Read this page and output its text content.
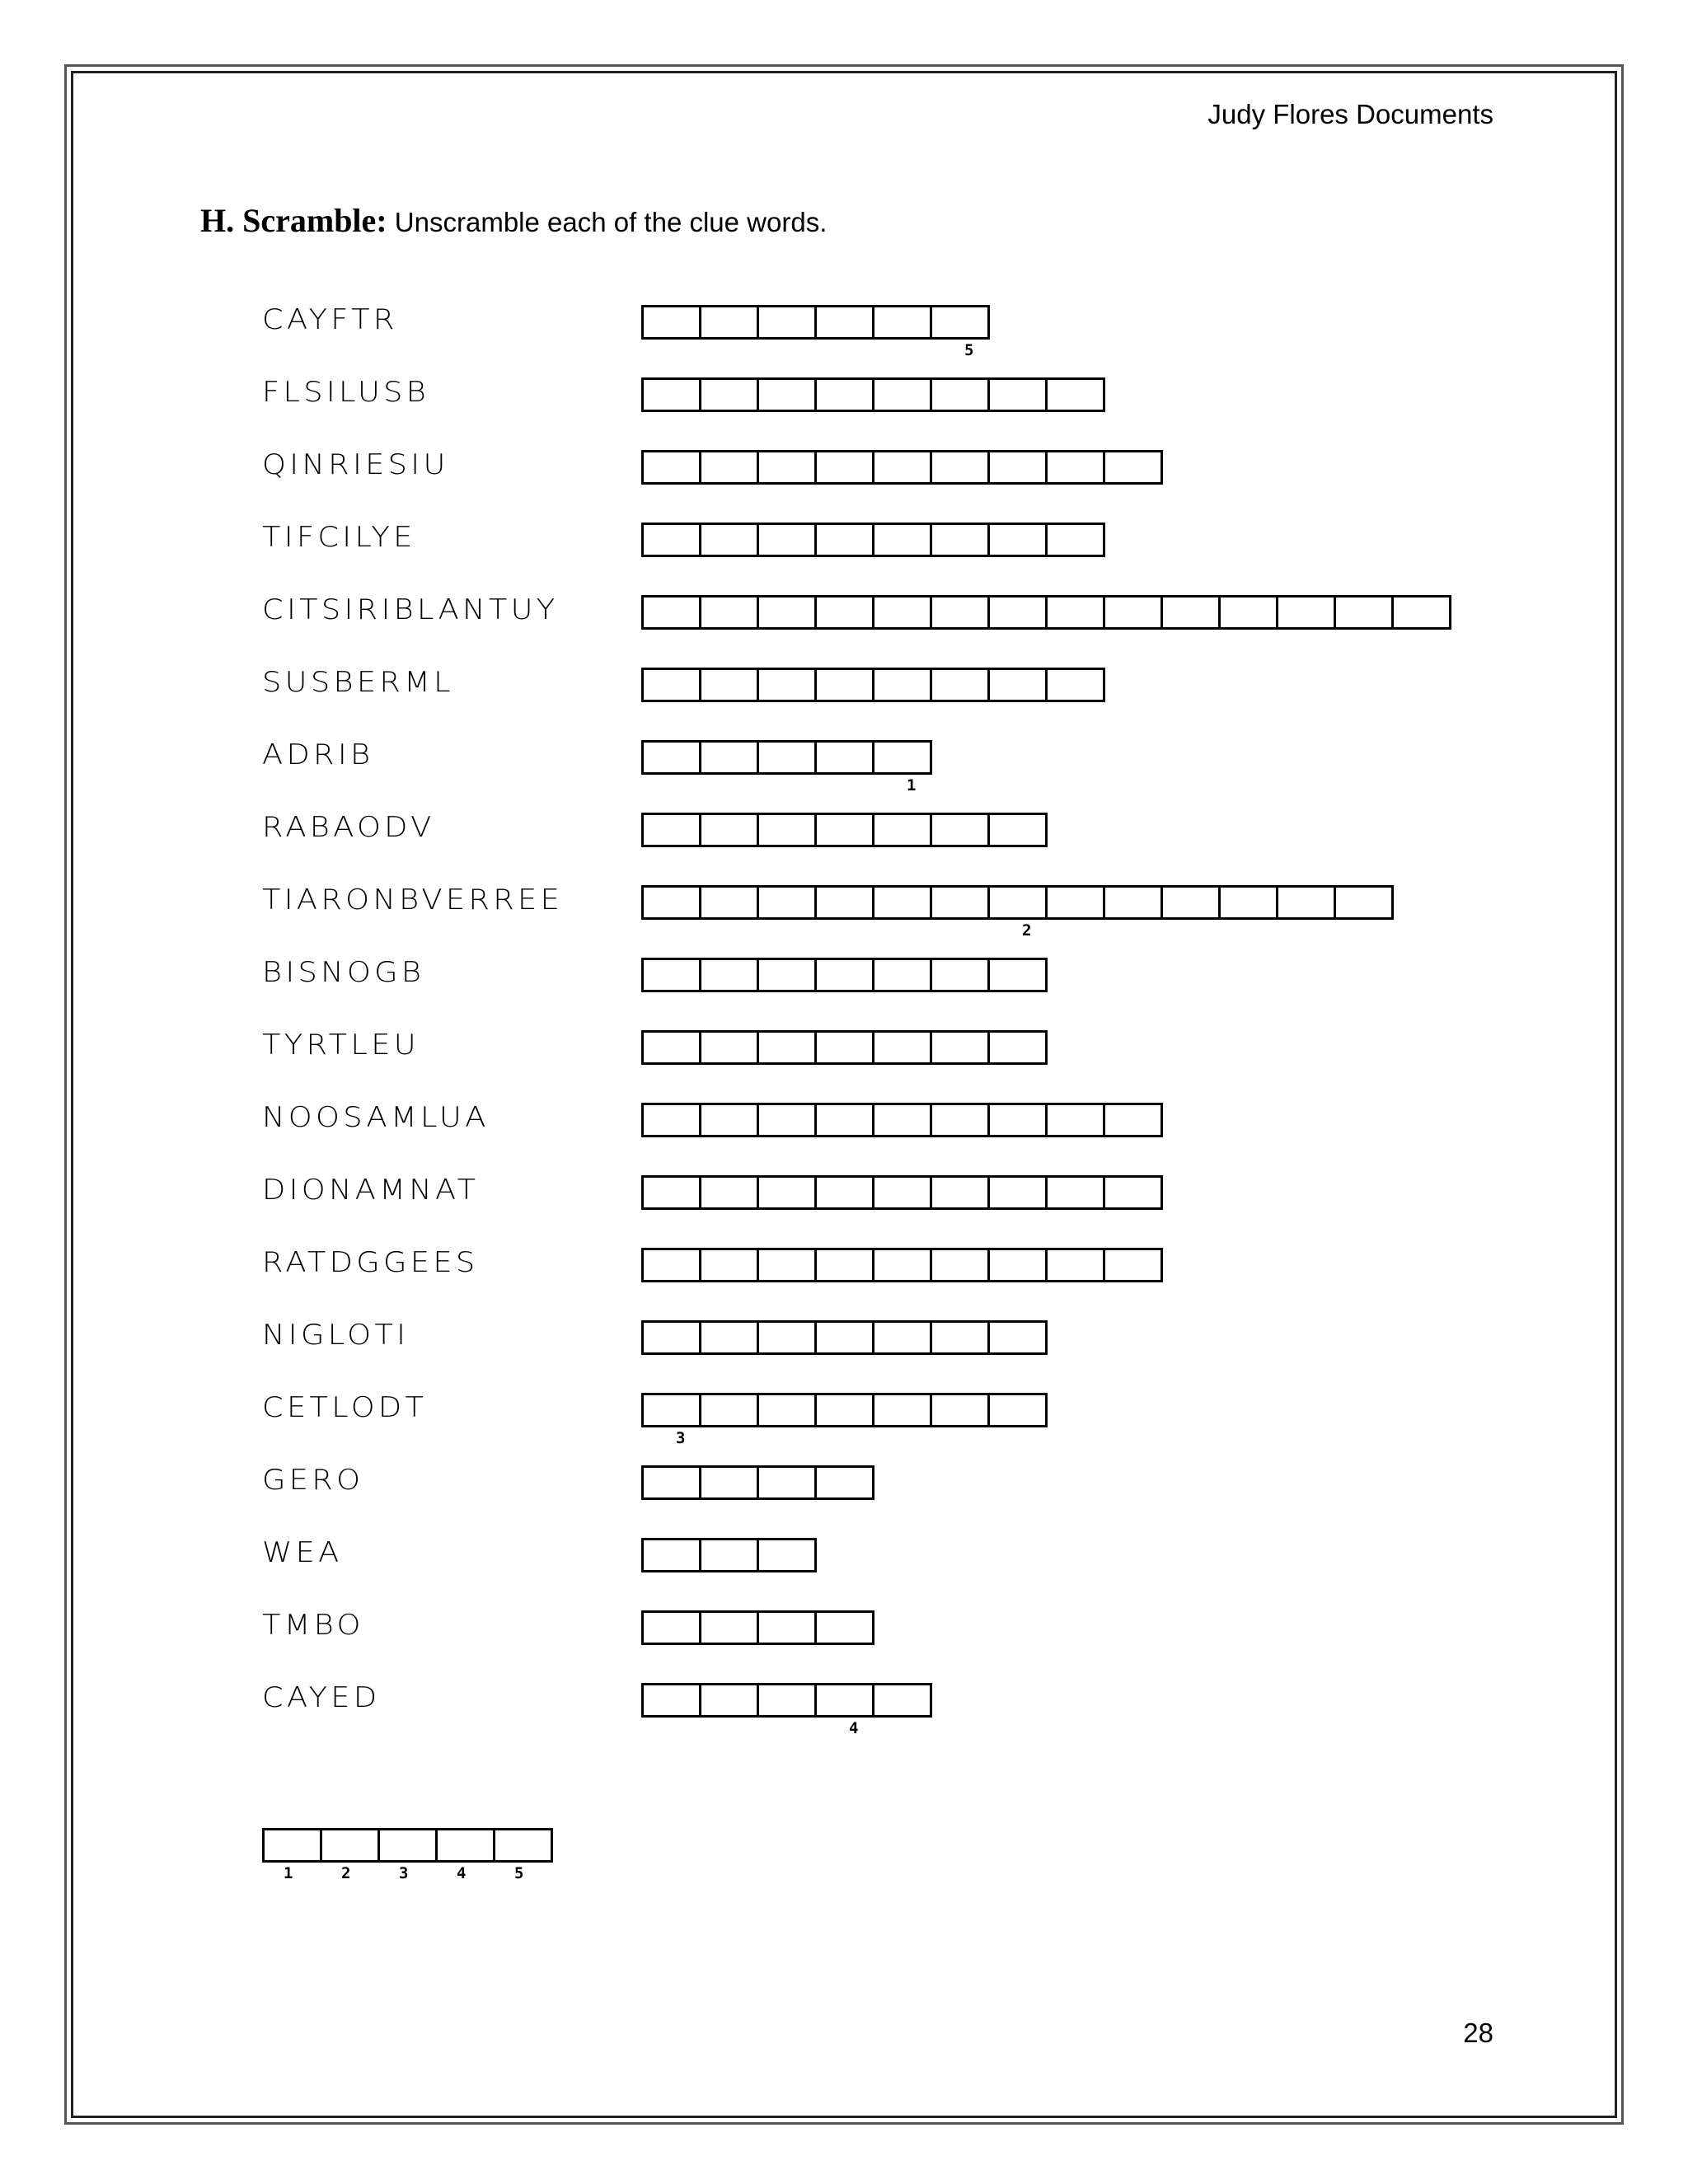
Judy Flores Documents
H. Scramble: Unscramble each of the clue words.
CAYFTR
5
FLSILUSB
QINRIESIU
TIFCILYE
CITSIRIBLANTUY
SUSBERML
ADRIB
1
RABAODV
TIARONBVERREE
2
BISNOGB
TYRTLEU
NOOSAMLUA
DIONAMNAT
RATDGGEES
NIGLOTI
CETLODT
3
GERO
WEA
TMBO
CAYED
4
1	2	3	4	5
28
